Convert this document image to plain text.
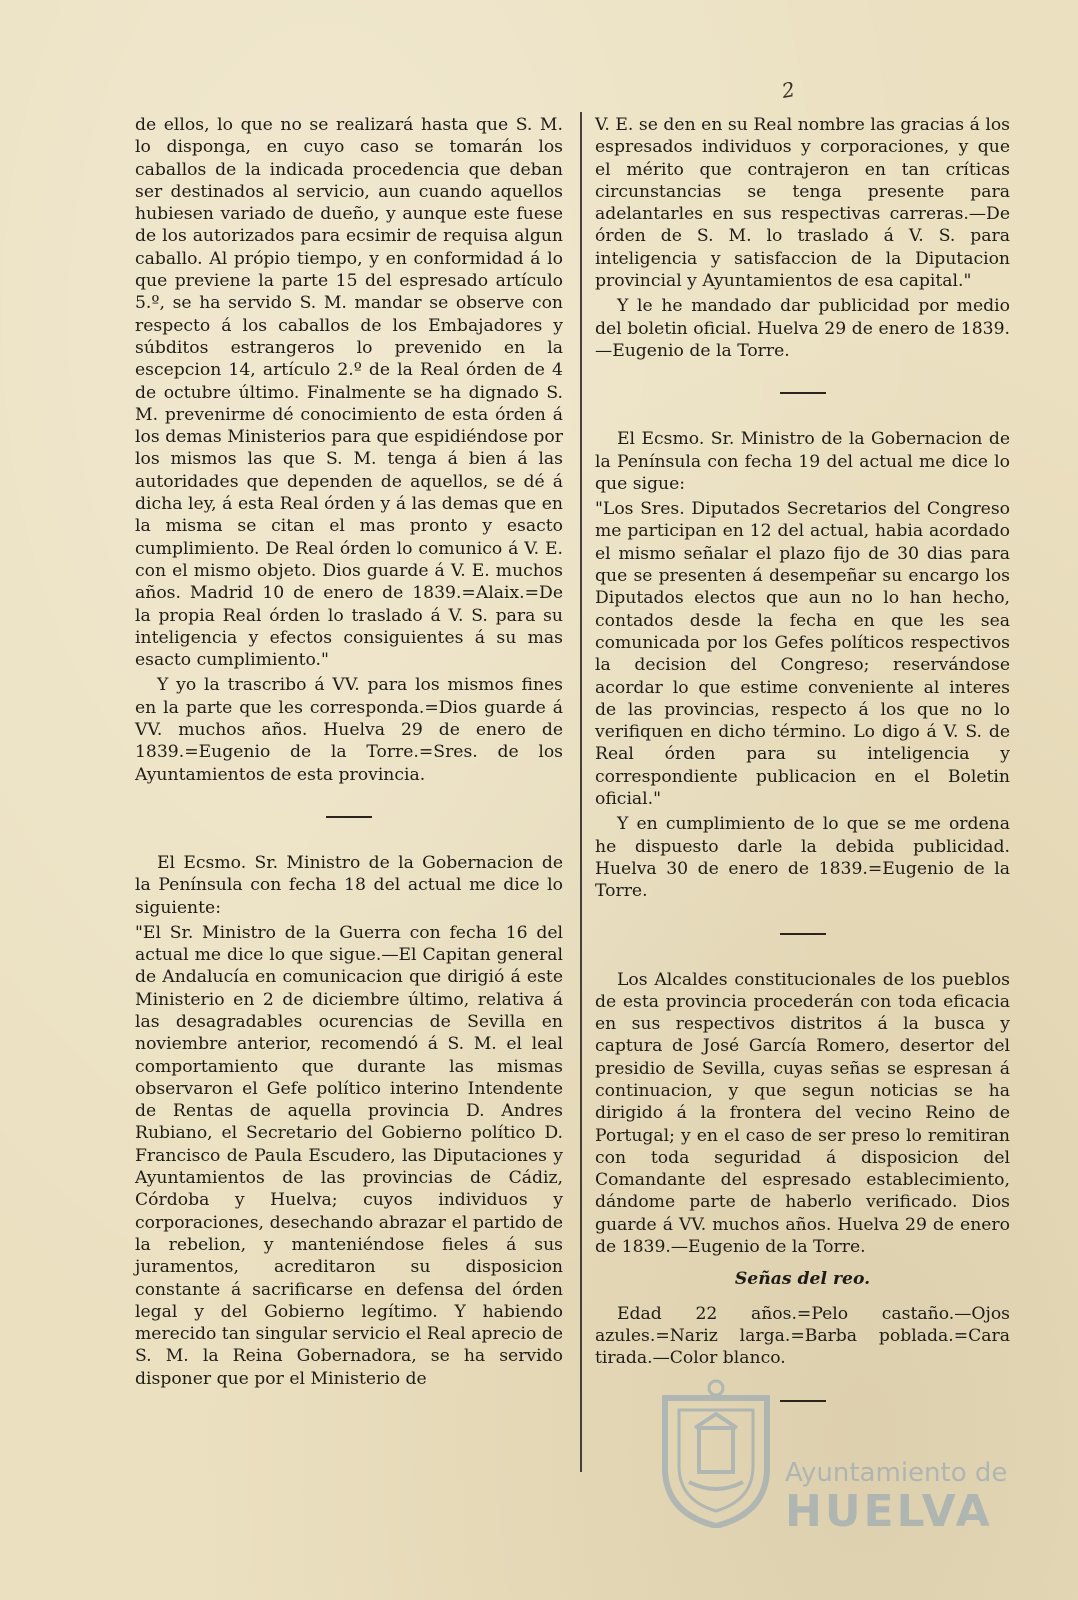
2

de ellos, lo que no se realizará hasta que S. M. lo disponga, en cuyo caso se tomarán los caballos de la indicada procedencia que deban ser destinados al servicio, aun cuando aquellos hubiesen variado de dueño, y aunque este fuese de los autorizados para ecsimir de requisa algun caballo. Al própio tiempo, y en conformidad á lo que previene la parte 15 del espresado artículo 5.º, se ha servido S. M. mandar se observe con respecto á los caballos de los Embajadores y súbditos estrangeros lo prevenido en la escepcion 14, artículo 2.º de la Real órden de 4 de octubre último. Finalmente se ha dignado S. M. prevenirme dé conocimiento de esta órden á los demas Ministerios para que espidiéndose por los mismos las que S. M. tenga á bien á las autoridades que dependen de aquellos, se dé á dicha ley, á esta Real órden y á las demas que en la misma se citan el mas pronto y esacto cumplimiento. De Real órden lo comunico á V. E. con el mismo objeto. Dios guarde á V. E. muchos años. Madrid 10 de enero de 1839.=Alaix.=De la propia Real órden lo traslado á V. S. para su inteligencia y efectos consiguientes á su mas esacto cumplimiento."

Y yo la trascribo á VV. para los mismos fines en la parte que les corresponda.=Dios guarde á VV. muchos años. Huelva 29 de enero de 1839.=Eugenio de la Torre.=Sres. de los Ayuntamientos de esta provincia.

El Ecsmo. Sr. Ministro de la Gobernacion de la Península con fecha 18 del actual me dice lo siguiente:

"El Sr. Ministro de la Guerra con fecha 16 del actual me dice lo que sigue.—El Capitan general de Andalucía en comunicacion que dirigió á este Ministerio en 2 de diciembre último, relativa á las desagradables ocurencias de Sevilla en noviembre anterior, recomendó á S. M. el leal comportamiento que durante las mismas observaron el Gefe político interino Intendente de Rentas de aquella provincia D. Andres Rubiano, el Secretario del Gobierno político D. Francisco de Paula Escudero, las Diputaciones y Ayuntamientos de las provincias de Cádiz, Córdoba y Huelva; cuyos individuos y corporaciones, desechando abrazar el partido de la rebelion, y manteniéndose fieles á sus juramentos, acreditaron su disposicion constante á sacrificarse en defensa del órden legal y del Gobierno legítimo. Y habiendo merecido tan singular servicio el Real aprecio de S. M. la Reina Gobernadora, se ha servido disponer que por el Ministerio de

V. E. se den en su Real nombre las gracias á los espresados individuos y corporaciones, y que el mérito que contrajeron en tan críticas circunstancias se tenga presente para adelantarles en sus respectivas carreras.—De órden de S. M. lo traslado á V. S. para inteligencia y satisfaccion de la Diputacion provincial y Ayuntamientos de esa capital."

Y le he mandado dar publicidad por medio del boletin oficial. Huelva 29 de enero de 1839.—Eugenio de la Torre.

El Ecsmo. Sr. Ministro de la Gobernacion de la Península con fecha 19 del actual me dice lo que sigue:

"Los Sres. Diputados Secretarios del Congreso me participan en 12 del actual, habia acordado el mismo señalar el plazo fijo de 30 dias para que se presenten á desempeñar su encargo los Diputados electos que aun no lo han hecho, contados desde la fecha en que les sea comunicada por los Gefes políticos respectivos la decision del Congreso; reservándose acordar lo que estime conveniente al interes de las provincias, respecto á los que no lo verifiquen en dicho término. Lo digo á V. S. de Real órden para su inteligencia y correspondiente publicacion en el Boletin oficial."

Y en cumplimiento de lo que se me ordena he dispuesto darle la debida publicidad. Huelva 30 de enero de 1839.=Eugenio de la Torre.

Los Alcaldes constitucionales de los pueblos de esta provincia procederán con toda eficacia en sus respectivos distritos á la busca y captura de José García Romero, desertor del presidio de Sevilla, cuyas señas se espresan á continuacion, y que segun noticias se ha dirigido á la frontera del vecino Reino de Portugal; y en el caso de ser preso lo remitiran con toda seguridad á disposicion del Comandante del espresado establecimiento, dándome parte de haberlo verificado. Dios guarde á VV. muchos años. Huelva 29 de enero de 1839.—Eugenio de la Torre.

Señas del reo.

Edad 22 años.=Pelo castaño.—Ojos azules.=Nariz larga.=Barba poblada.=Cara tirada.—Color blanco.

Ayuntamiento de
HUELVA
